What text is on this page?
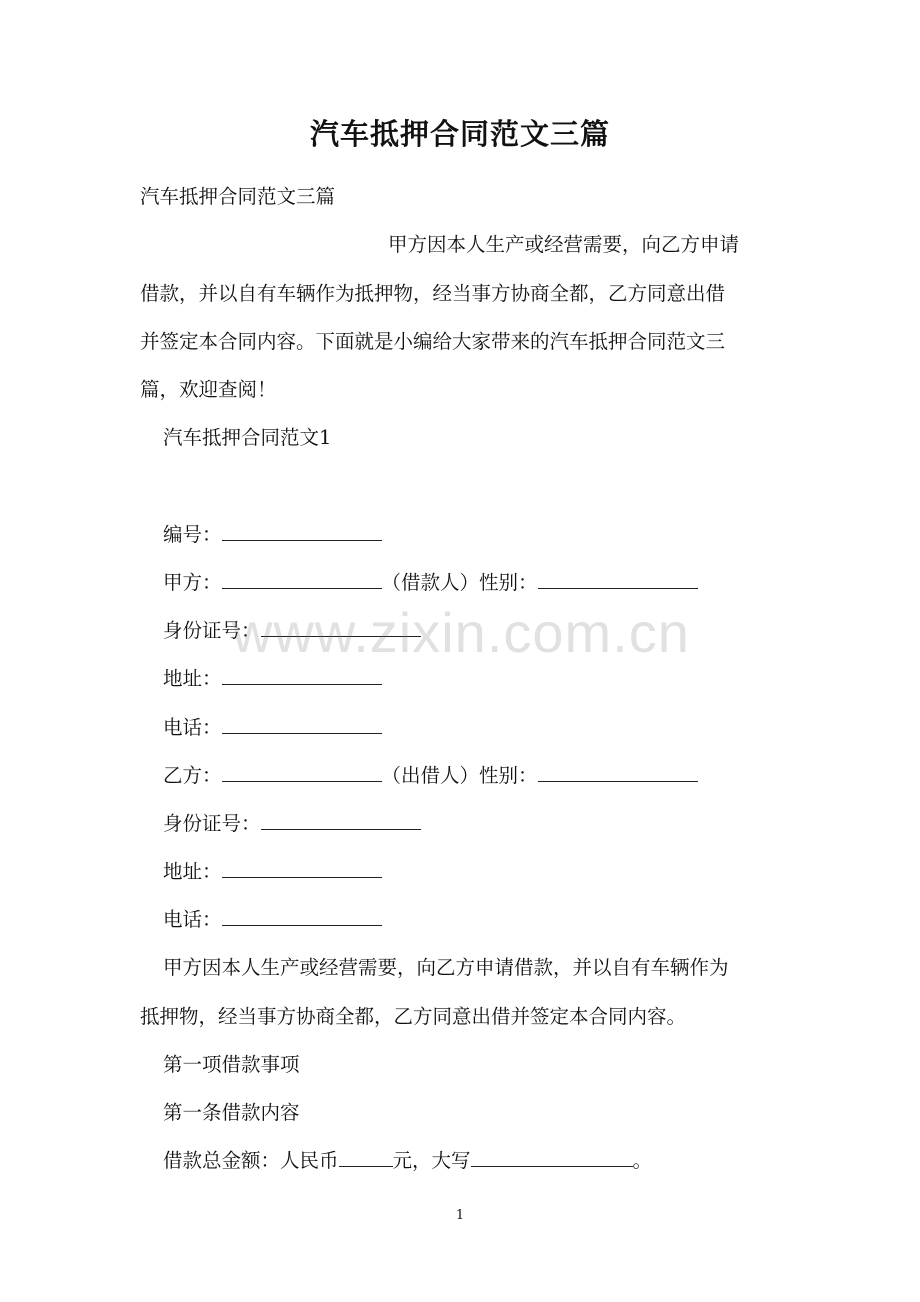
汽车抵押合同范文三篇
汽车抵押合同范文三篇
甲方因本人生产或经营需要，向乙方申请
借款，并以自有车辆作为抵押物，经当事方协商全都，乙方同意出借
并签定本合同内容。下面就是小编给大家带来的汽车抵押合同范文三
篇，欢迎查阅！
汽车抵押合同范文1
编号：
甲方：	（借款人）性别：
身份证号：
地址：
电话：
乙方：	（出借人）性别：
身份证号：
地址：
电话：
甲方因本人生产或经营需要，向乙方申请借款，并以自有车辆作为
抵押物，经当事方协商全都，乙方同意出借并签定本合同内容。
第一项借款事项
第一条借款内容
借款总金额：人民币	元，大写	。
www.zixin.com.cn
1
